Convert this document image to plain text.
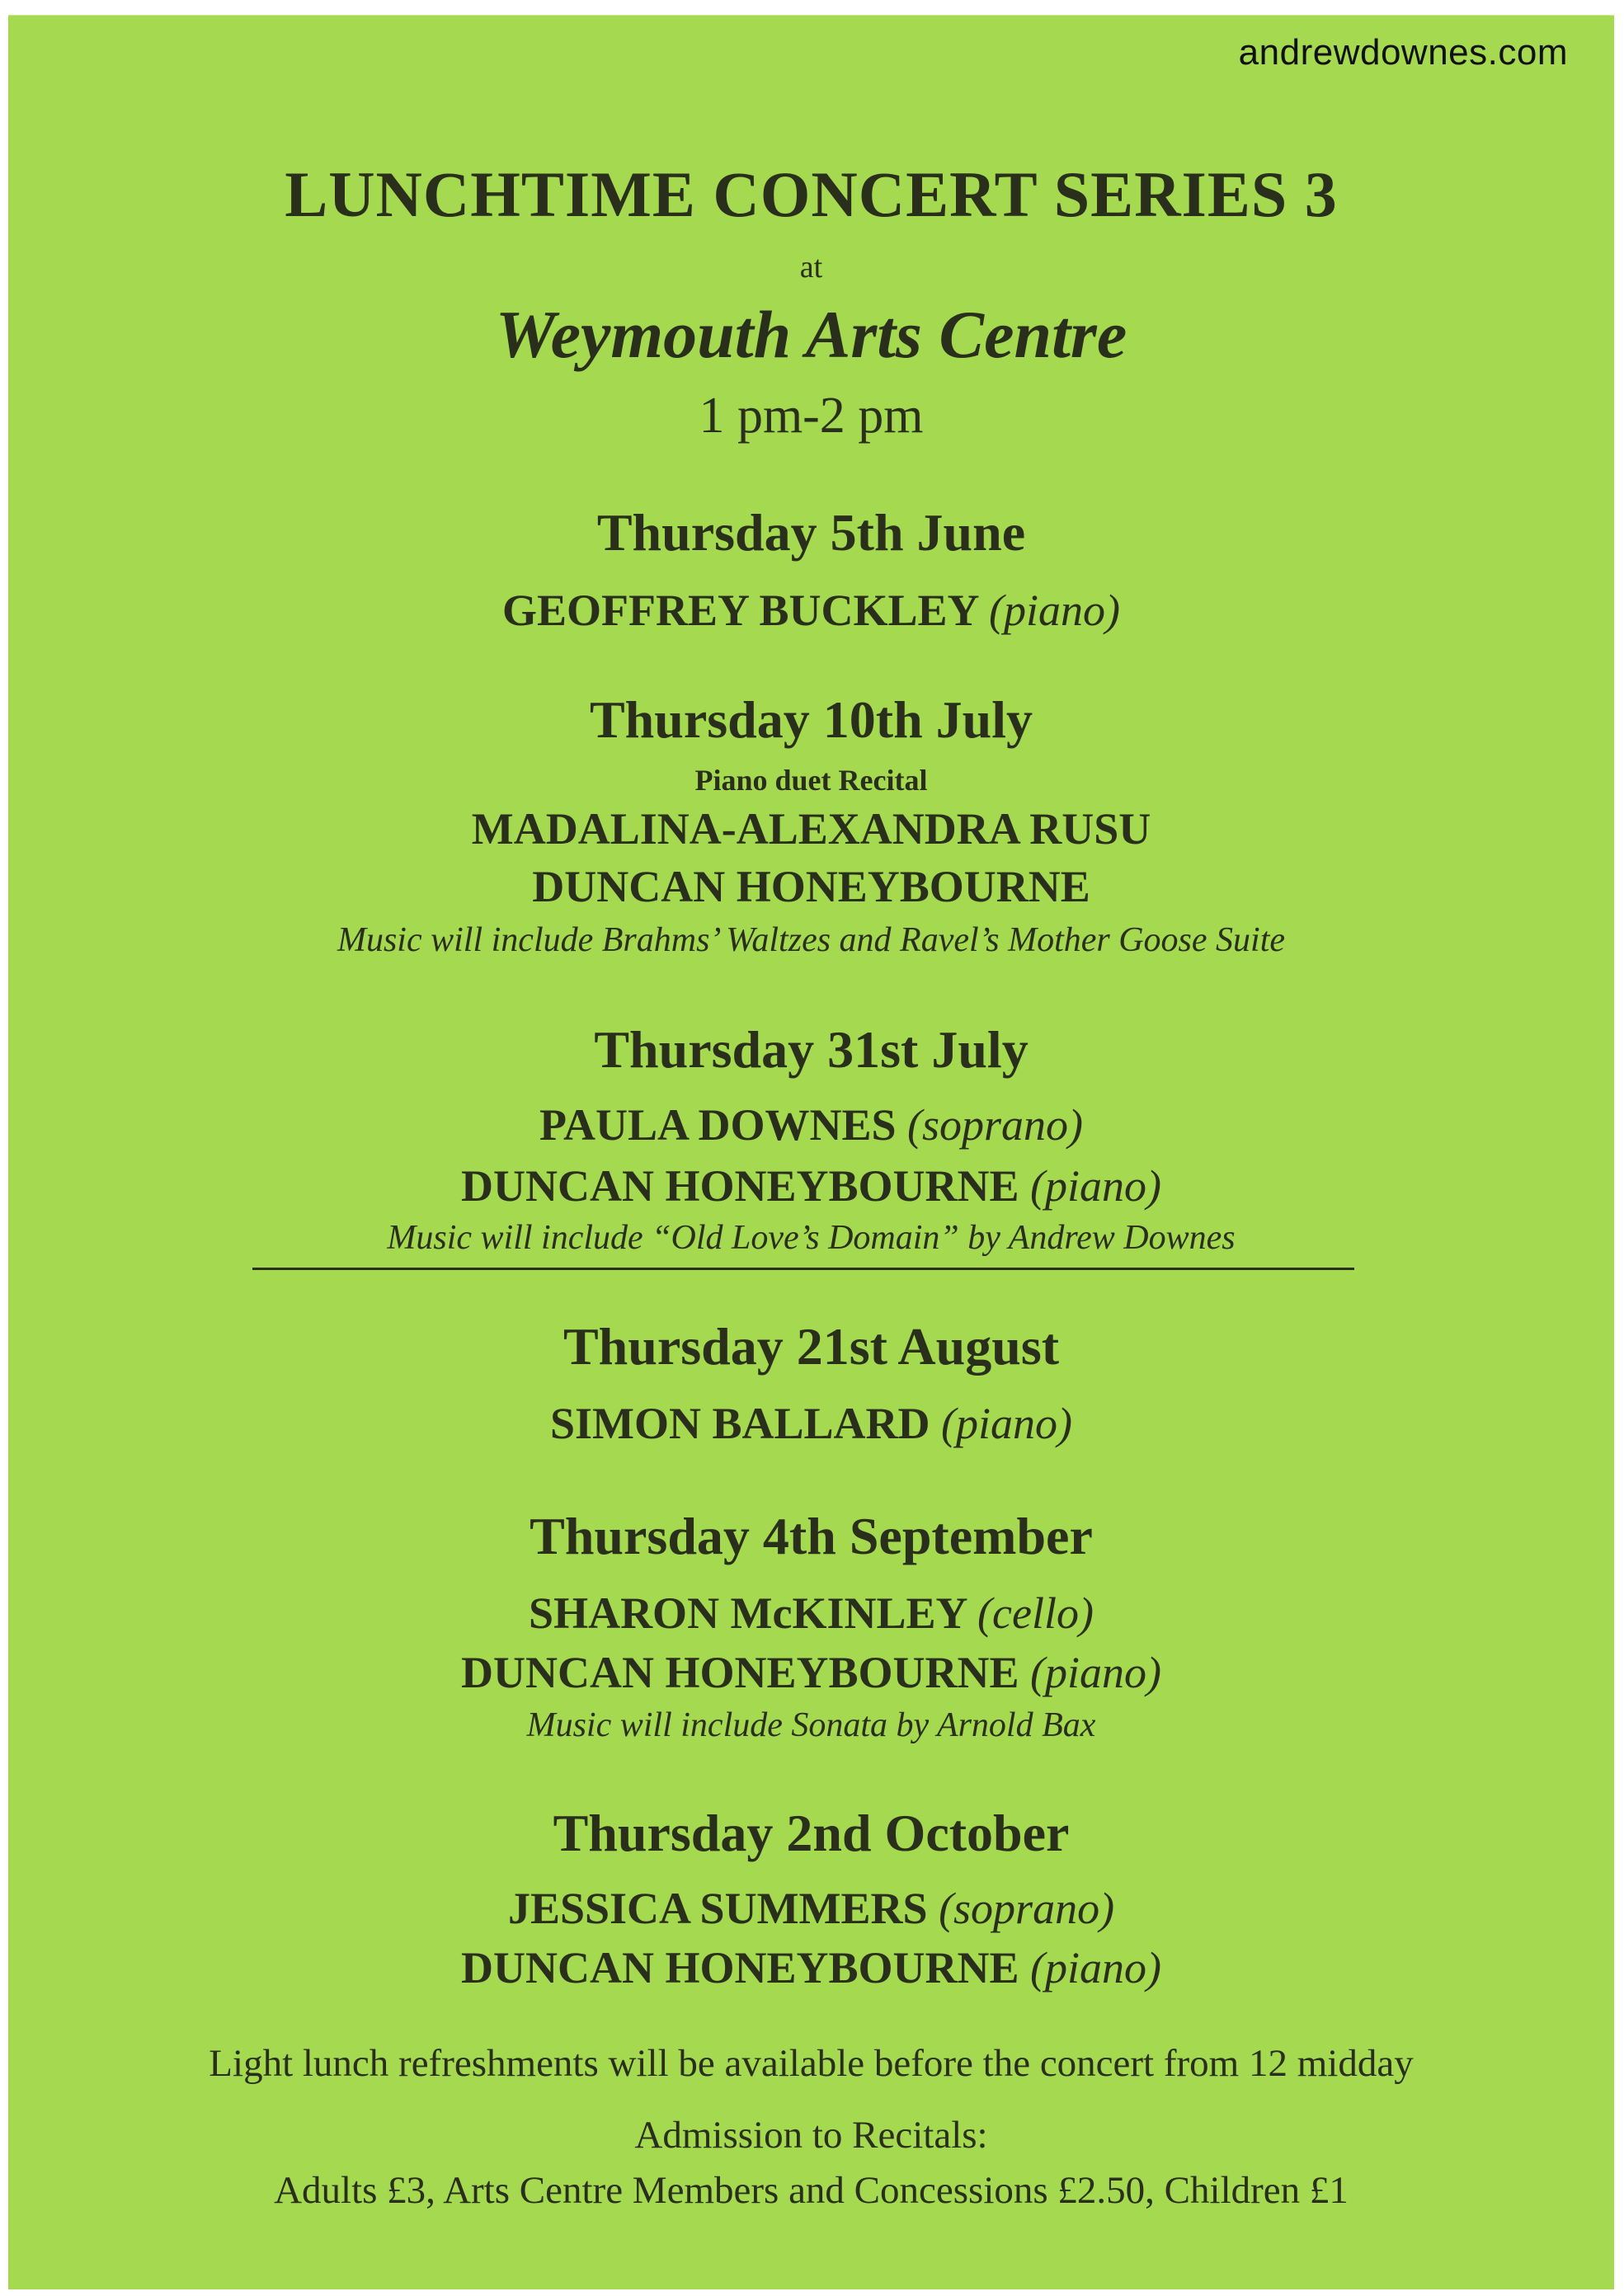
andrewdownes.com
LUNCHTIME CONCERT SERIES 3
at
Weymouth Arts Centre
1 pm-2 pm
Thursday 5th June
GEOFFREY BUCKLEY (piano)
Thursday 10th July
Piano duet Recital
MADALINA-ALEXANDRA RUSU
DUNCAN HONEYBOURNE
Music will include Brahms’ Waltzes and Ravel’s Mother Goose Suite
Thursday 31st July
PAULA DOWNES (soprano)
DUNCAN HONEYBOURNE (piano)
Music will include “Old Love’s Domain” by Andrew Downes
Thursday 21st August
SIMON BALLARD (piano)
Thursday 4th September
SHARON McKINLEY (cello)
DUNCAN HONEYBOURNE (piano)
Music will include Sonata by Arnold Bax
Thursday 2nd October
JESSICA SUMMERS (soprano)
DUNCAN HONEYBOURNE (piano)
Light lunch refreshments will be available before the concert from 12 midday
Admission to Recitals:
Adults £3, Arts Centre Members and Concessions £2.50, Children £1
